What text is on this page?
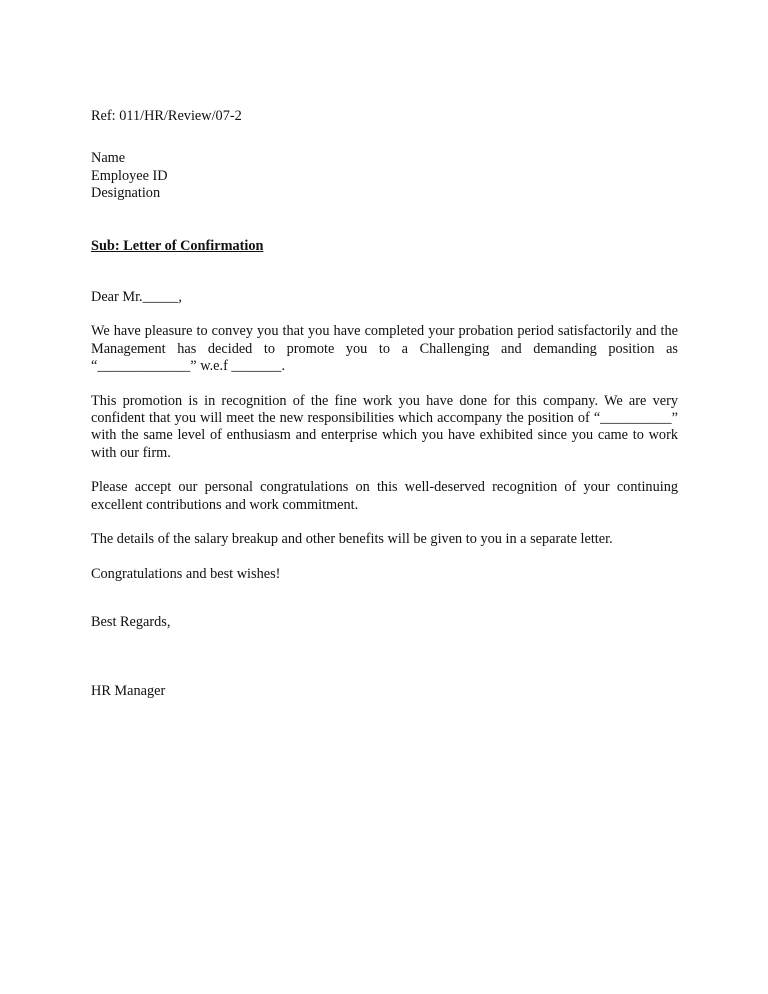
Ref: 011/HR/Review/07-2
Name
Employee ID
Designation
Sub: Letter of Confirmation
Dear Mr._____,
We have pleasure to convey you that you have completed your probation period satisfactorily and the Management has decided to promote you to a Challenging and demanding position as “_____________” w.e.f _______.
This promotion is in recognition of the fine work you have done for this company. We are very confident that you will meet the new responsibilities which accompany the position of “__________” with the same level of enthusiasm and enterprise which you have exhibited since you came to work with our firm.
Please accept our personal congratulations on this well-deserved recognition of your continuing excellent contributions and work commitment.
The details of the salary breakup and other benefits will be given to you in a separate letter.
Congratulations and best wishes!
Best Regards,
HR Manager
